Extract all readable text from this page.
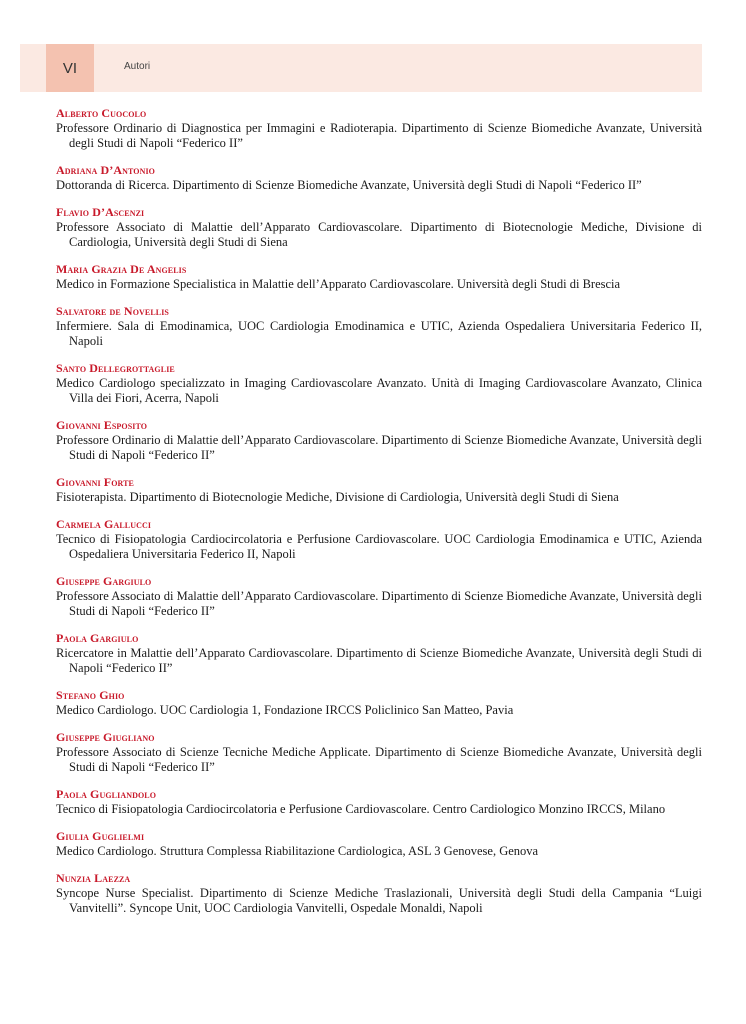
VI	Autori
Alberto Cuocolo
Professore Ordinario di Diagnostica per Immagini e Radioterapia. Dipartimento di Scienze Biomediche Avanzate, Università degli Studi di Napoli “Federico II”
Adriana D’Antonio
Dottoranda di Ricerca. Dipartimento di Scienze Biomediche Avanzate, Università degli Studi di Napoli “Federico II”
Flavio D’Ascenzi
Professore Associato di Malattie dell’Apparato Cardiovascolare. Dipartimento di Biotecnologie Mediche, Divisione di Cardiologia, Università degli Studi di Siena
Maria Grazia De Angelis
Medico in Formazione Specialistica in Malattie dell’Apparato Cardiovascolare. Università degli Studi di Brescia
Salvatore de Novellis
Infermiere. Sala di Emodinamica, UOC Cardiologia Emodinamica e UTIC, Azienda Ospedaliera Universitaria Federico II, Napoli
Santo Dellegrottaglie
Medico Cardiologo specializzato in Imaging Cardiovascolare Avanzato. Unità di Imaging Cardiovascolare Avanzato, Clinica Villa dei Fiori, Acerra, Napoli
Giovanni Esposito
Professore Ordinario di Malattie dell’Apparato Cardiovascolare. Dipartimento di Scienze Biomediche Avanzate, Università degli Studi di Napoli “Federico II”
Giovanni Forte
Fisioterapista. Dipartimento di Biotecnologie Mediche, Divisione di Cardiologia, Università degli Studi di Siena
Carmela Gallucci
Tecnico di Fisiopatologia Cardiocircolatoria e Perfusione Cardiovascolare. UOC Cardiologia Emodinamica e UTIC, Azienda Ospedaliera Universitaria Federico II, Napoli
Giuseppe Gargiulo
Professore Associato di Malattie dell’Apparato Cardiovascolare. Dipartimento di Scienze Biomediche Avanzate, Università degli Studi di Napoli “Federico II”
Paola Gargiulo
Ricercatore in Malattie dell’Apparato Cardiovascolare. Dipartimento di Scienze Biomediche Avanzate, Università degli Studi di Napoli “Federico II”
Stefano Ghio
Medico Cardiologo. UOC Cardiologia 1, Fondazione IRCCS Policlinico San Matteo, Pavia
Giuseppe Giugliano
Professore Associato di Scienze Tecniche Mediche Applicate. Dipartimento di Scienze Biomediche Avanzate, Università degli Studi di Napoli “Federico II”
Paola Gugliandolo
Tecnico di Fisiopatologia Cardiocircolatoria e Perfusione Cardiovascolare. Centro Cardiologico Monzino IRCCS, Milano
Giulia Guglielmi
Medico Cardiologo. Struttura Complessa Riabilitazione Cardiologica, ASL 3 Genovese, Genova
Nunzia Laezza
Syncope Nurse Specialist. Dipartimento di Scienze Mediche Traslazionali, Università degli Studi della Campania “Luigi Vanvitelli”. Syncope Unit, UOC Cardiologia Vanvitelli, Ospedale Monaldi, Napoli
